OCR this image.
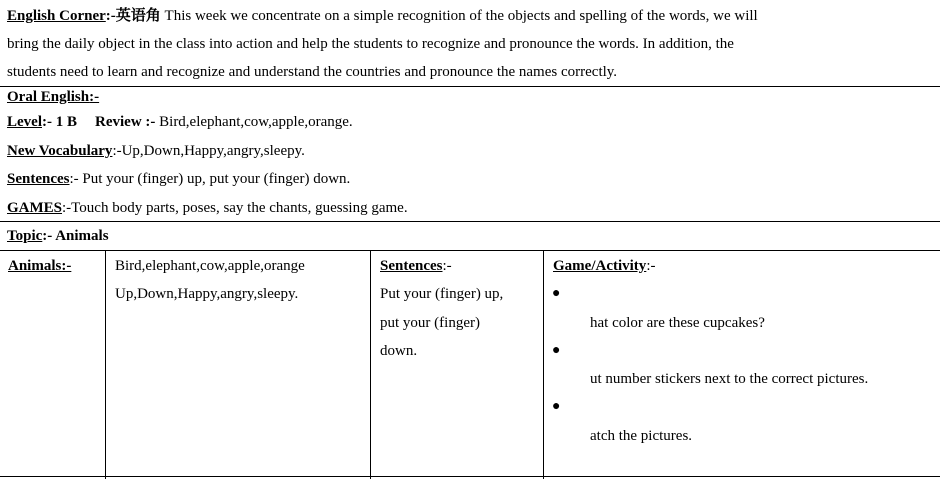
English Corner:-英语角 This week we concentrate on a simple recognition of the objects and spelling of the words, we will
bring the daily object in the class into action and help the students to recognize and pronounce the words. In addition, the
students need to learn and recognize and understand the countries and pronounce the names correctly.
Oral English:-
Level:- 1 B Review :- Bird,elephant,cow,apple,orange.
New Vocabulary:-Up,Down,Happy,angry,sleepy.
Sentences:- Put your (finger) up, put your (finger) down.
GAMES:-Touch body parts, poses, say the chants, guessing game.
Topic:- Animals
Animals:-	Bird,elephant,cow,apple,orange
Up,Down,Happy,angry,sleepy.
Sentences:-
Put your (finger) up,
put your (finger)
down.
Game/Activity:-
●
hat color are these cupcakes?
●
ut number stickers next to the correct pictures.
●
atch the pictures.
